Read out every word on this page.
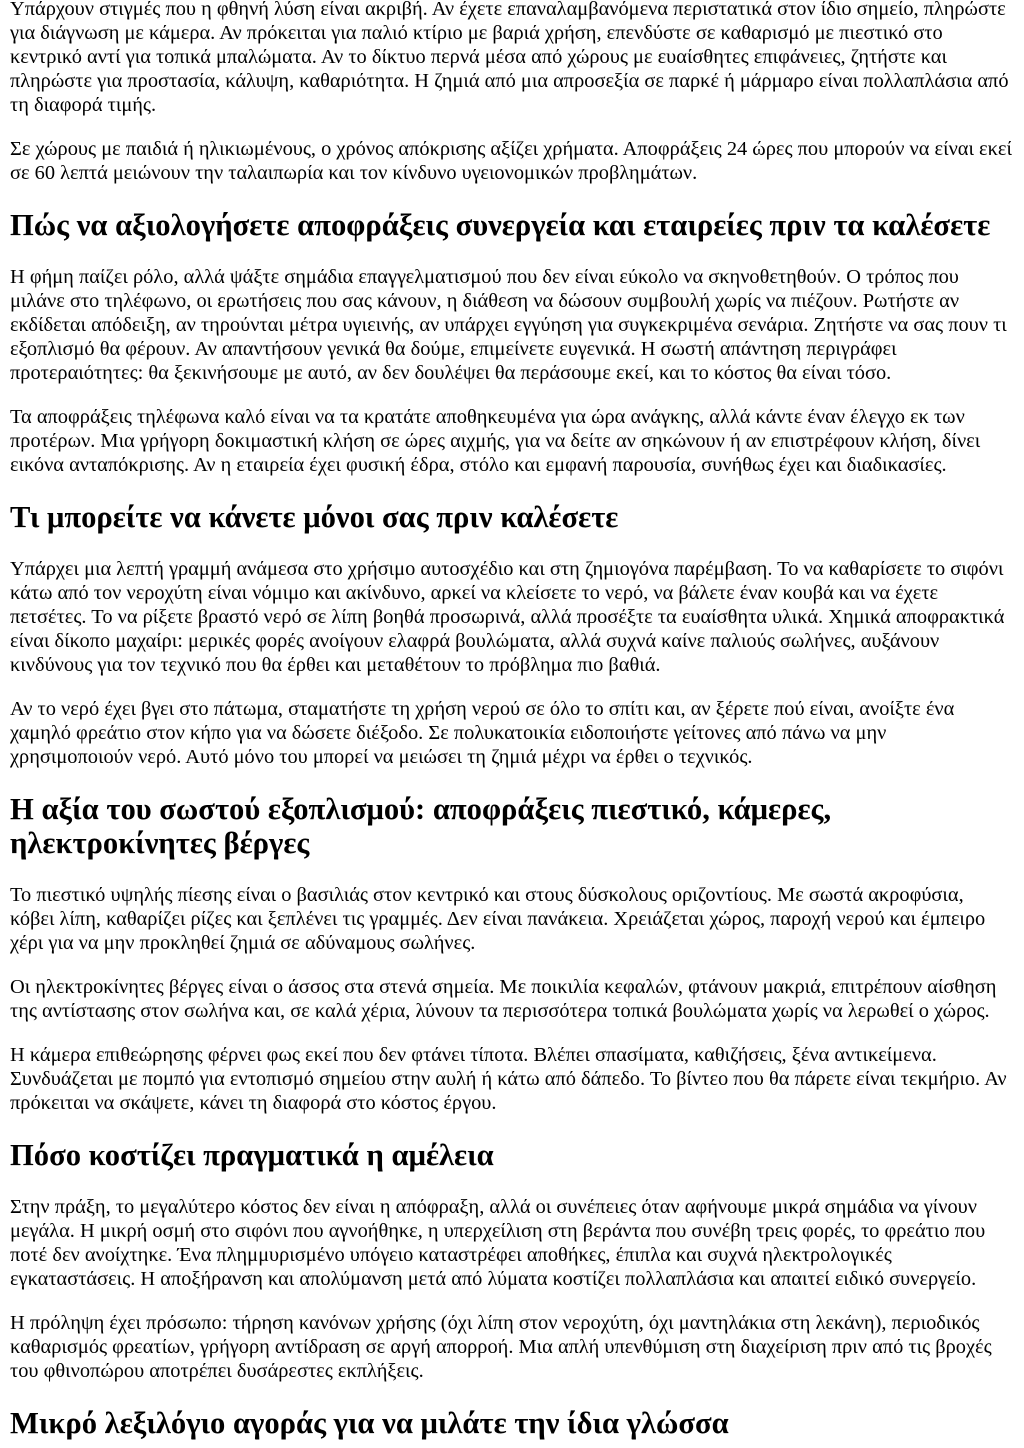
Υπάρχουν στιγμές που η φθηνή λύση είναι ακριβή. Αν έχετε επαναλαμβανόμενα περιστατικά στον ίδιο σημείο, πληρώστε για διάγνωση με κάμερα. Αν πρόκειται για παλιό κτίριο με βαριά χρήση, επενδύστε σε καθαρισμό με πιεστικό στο κεντρικό αντί για τοπικά μπαλώματα. Αν το δίκτυο περνά μέσα από χώρους με ευαίσθητες επιφάνειες, ζητήστε και πληρώστε για προστασία, κάλυψη, καθαριότητα. Η ζημιά από μια απροσεξία σε παρκέ ή μάρμαρο είναι πολλαπλάσια από τη διαφορά τιμής.

Σε χώρους με παιδιά ή ηλικιωμένους, ο χρόνος απόκρισης αξίζει χρήματα. Αποφράξεις 24 ώρες που μπορούν να είναι εκεί σε 60 λεπτά μειώνουν την ταλαιπωρία και τον κίνδυνο υγειονομικών προβλημάτων.

Πώς να αξιολογήσετε αποφράξεις συνεργεία και εταιρείες πριν τα καλέσετε

Η φήμη παίζει ρόλο, αλλά ψάξτε σημάδια επαγγελματισμού που δεν είναι εύκολο να σκηνοθετηθούν. Ο τρόπος που μιλάνε στο τηλέφωνο, οι ερωτήσεις που σας κάνουν, η διάθεση να δώσουν συμβουλή χωρίς να πιέζουν. Ρωτήστε αν εκδίδεται απόδειξη, αν τηρούνται μέτρα υγιεινής, αν υπάρχει εγγύηση για συγκεκριμένα σενάρια. Ζητήστε να σας πουν τι εξοπλισμό θα φέρουν. Αν απαντήσουν γενικά θα δούμε, επιμείνετε ευγενικά. Η σωστή απάντηση περιγράφει προτεραιότητες: θα ξεκινήσουμε με αυτό, αν δεν δουλέψει θα περάσουμε εκεί, και το κόστος θα είναι τόσο.

Τα αποφράξεις τηλέφωνα καλό είναι να τα κρατάτε αποθηκευμένα για ώρα ανάγκης, αλλά κάντε έναν έλεγχο εκ των προτέρων. Μια γρήγορη δοκιμαστική κλήση σε ώρες αιχμής, για να δείτε αν σηκώνουν ή αν επιστρέφουν κλήση, δίνει εικόνα ανταπόκρισης. Αν η εταιρεία έχει φυσική έδρα, στόλο και εμφανή παρουσία, συνήθως έχει και διαδικασίες.

Τι μπορείτε να κάνετε μόνοι σας πριν καλέσετε

Υπάρχει μια λεπτή γραμμή ανάμεσα στο χρήσιμο αυτοσχέδιο και στη ζημιογόνα παρέμβαση. Το να καθαρίσετε το σιφόνι κάτω από τον νεροχύτη είναι νόμιμο και ακίνδυνο, αρκεί να κλείσετε το νερό, να βάλετε έναν κουβά και να έχετε πετσέτες. Το να ρίξετε βραστό νερό σε λίπη βοηθά προσωρινά, αλλά προσέξτε τα ευαίσθητα υλικά. Χημικά αποφρακτικά είναι δίκοπο μαχαίρι: μερικές φορές ανοίγουν ελαφρά βουλώματα, αλλά συχνά καίνε παλιούς σωλήνες, αυξάνουν κινδύνους για τον τεχνικό που θα έρθει και μεταθέτουν το πρόβλημα πιο βαθιά.

Αν το νερό έχει βγει στο πάτωμα, σταματήστε τη χρήση νερού σε όλο το σπίτι και, αν ξέρετε πού είναι, ανοίξτε ένα χαμηλό φρεάτιο στον κήπο για να δώσετε διέξοδο. Σε πολυκατοικία ειδοποιήστε γείτονες από πάνω να μην χρησιμοποιούν νερό. Αυτό μόνο του μπορεί να μειώσει τη ζημιά μέχρι να έρθει ο τεχνικός.

Η αξία του σωστού εξοπλισμού: αποφράξεις πιεστικό, κάμερες, ηλεκτροκίνητες βέργες

Το πιεστικό υψηλής πίεσης είναι ο βασιλιάς στον κεντρικό και στους δύσκολους οριζοντίους. Με σωστά ακροφύσια, κόβει λίπη, καθαρίζει ρίζες και ξεπλένει τις γραμμές. Δεν είναι πανάκεια. Χρειάζεται χώρος, παροχή νερού και έμπειρο χέρι για να μην προκληθεί ζημιά σε αδύναμους σωλήνες.

Οι ηλεκτροκίνητες βέργες είναι ο άσσος στα στενά σημεία. Με ποικιλία κεφαλών, φτάνουν μακριά, επιτρέπουν αίσθηση της αντίστασης στον σωλήνα και, σε καλά χέρια, λύνουν τα περισσότερα τοπικά βουλώματα χωρίς να λερωθεί ο χώρος.

Η κάμερα επιθεώρησης φέρνει φως εκεί που δεν φτάνει τίποτα. Βλέπει σπασίματα, καθιζήσεις, ξένα αντικείμενα. Συνδυάζεται με πομπό για εντοπισμό σημείου στην αυλή ή κάτω από δάπεδο. Το βίντεο που θα πάρετε είναι τεκμήριο. Αν πρόκειται να σκάψετε, κάνει τη διαφορά στο κόστος έργου.

Πόσο κοστίζει πραγματικά η αμέλεια

Στην πράξη, το μεγαλύτερο κόστος δεν είναι η απόφραξη, αλλά οι συνέπειες όταν αφήνουμε μικρά σημάδια να γίνουν μεγάλα. Η μικρή οσμή στο σιφόνι που αγνοήθηκε, η υπερχείλιση στη βεράντα που συνέβη τρεις φορές, το φρεάτιο που ποτέ δεν ανοίχτηκε. Ένα πλημμυρισμένο υπόγειο καταστρέφει αποθήκες, έπιπλα και συχνά ηλεκτρολογικές εγκαταστάσεις. Η αποξήρανση και απολύμανση μετά από λύματα κοστίζει πολλαπλάσια και απαιτεί ειδικό συνεργείο.

Η πρόληψη έχει πρόσωπο: τήρηση κανόνων χρήσης (όχι λίπη στον νεροχύτη, όχι μαντηλάκια στη λεκάνη), περιοδικός καθαρισμός φρεατίων, γρήγορη αντίδραση σε αργή απορροή. Μια απλή υπενθύμιση στη διαχείριση πριν από τις βροχές του φθινοπώρου αποτρέπει δυσάρεστες εκπλήξεις.

Μικρό λεξιλόγιο αγοράς για να μιλάτε την ίδια γλώσσα
